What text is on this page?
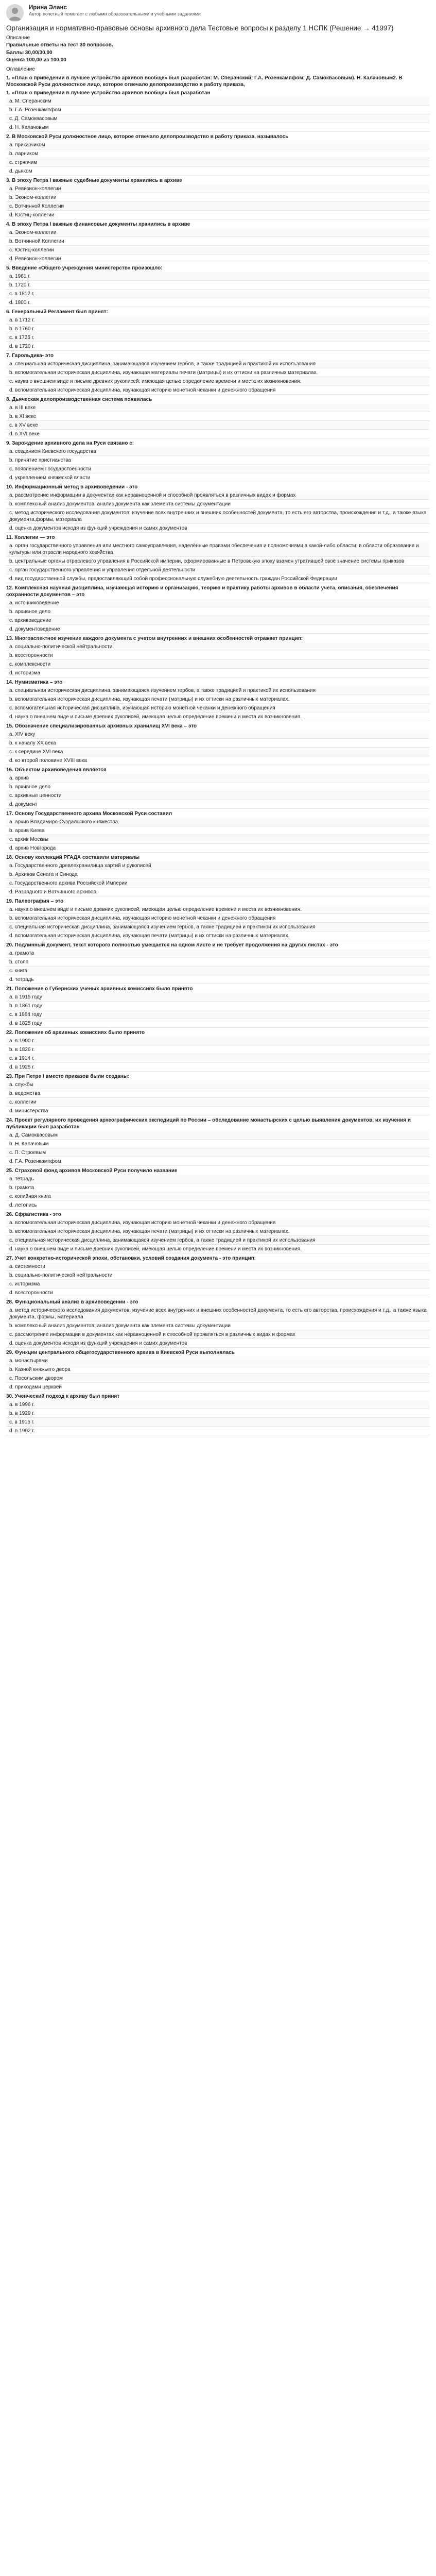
Ирина Эланс
Автор почетный помогает с любыми образовательными и учебными заданиями
Организация и нормативно-правовые основы архивного дела Тестовые вопросы к разделу 1 НСПК (Решение → 41997)
Описание
Правильные ответы на тест 30 вопросов.
Баллы 30,00/30,00
Оценка 100,00 из 100,00
Оглавление
1. «План о приведении в лучшее устройство архивов вообще» был разработан: М. Сперанский; Г.А. Розенкампфом; Д. Самоквасовым). Н. Калачовым2. В Московской Руси должностное лицо, которое отвечало делопроизводство в работу приказа,
1. «План о приведении в лучшее устройство архивов вообще» был разработан
a. М. Сперанским
b. Г.А. Розенкампфом
c. Д. Самоквасовым
d. Н. Калачовым
2. В Московской Руси должностное лицо, которое отвечало делопроизводство в работу приказа, называлось
a. приказчиком
b. ларником
c. стряпчим
d. дьяком
3. В эпоху Петра I важные судебные документы хранились в архиве
a. Ревизион-коллегии
b. Эконом-коллегии
c. Вотчинной Коллегии
d. Юстиц-коллегии
4. В эпоху Петра I важные финансовые документы хранились в архиве
a. Эконом-коллегии
b. Вотчинной Коллегии
c. Юстиц-коллегии
d. Ревизион-коллегии
5. Введение «Общего учреждения министерств» произошло:
a. 1961 г.
b. 1720 г.
c. в 1812 г.
d. 1800 г.
6. Генеральный Регламент был принят:
a. в 1712 г.
b. в 1760 г.
c. в 1725 г.
d. в 1720 г.
7. Гарольдика- это
a. специальная историческая дисциплина, занимающаяся изучением гербов, а также традицией и практикой их использования
b. вспомогательная историческая дисциплина, изучающая материалы печати (матрицы) и их оттиски на различных материалах.
c. наука о внешнем виде и письме древних рукописей, имеющая целью определение времени и места их возникновения.
d. вспомогательная историческая дисциплина, изучающая историю монетной чеканки и денежного обращения
8. Дьяческая делопроизводственная система появилась
a. в III веке
b. в XI веке
c. в XV веке
d. в XVI веке
9. Зарождение архивного дела на Руси связано с:
a. созданием Киевского государства
b. принятие христианства
c. появлением Государственности
d. укреплением княжеской власти
10. Информационный метод в архивоведении - это
a. рассмотрение информации в документах как неравноценной и способной проявляться в различных видах и формах
b. комплексный анализ документов; анализ документа как элемента системы документации
c. метод исторического исследования документов: изучение всех внутренних и внешних особенностей документа, то есть его авторства, происхождения и т.д., а также языка документа,формы, материала
d. оценка документов исходя из функций учреждения и самих документов
11. Коллегии — это
a. орган государственного управления или местного самоуправления, наделённые правами обеспечения и полномочиями в какой-либо области: в области образования и культуры или отрасли народного хозяйства
b. центральные органы отраслевого управления в Российской империи, сформированные в Петровскую эпоху взамен утратившей своё значение системы приказов
c. орган государственного управления и управления отдельной деятельности
d. вид государственной службы, предоставляющий собой профессиональную служебную деятельность граждан Российской Федерации
12. Комплексная научная дисциплина, изучающая историю и организацию, теорию и практику работы архивов в области учета, описания, обеспечения сохранности документов – это
a. источниковедение
b. архивное дело
c. архивоведение
d. документоведение
13. Многоаспектное изучение каждого документа с учетом внутренних и внешних особенностей отражает принцип:
a. социально-политической нейтральности
b. всесторонности
c. комплексности
d. историзма
14. Нумизматика – это
a. специальная историческая дисциплина, занимающаяся изучением гербов, а также традицией и практикой их использования
b. вспомогательная историческая дисциплина, изучающая печати (матрицы) и их оттиски на различных материалах.
c. вспомогательная историческая дисциплина, изучающая историю монетной чеканки и денежного обращения
d. наука о внешнем виде и письме древних рукописей, имеющая целью определение времени и места их возникновения.
15. Обозначение специализированных архивных хранилищ XVI века – это
a. XIV веку
b. к началу XX века
c. к середине XVI века
d. ко второй половине XVIII века
16. Объектом архивоведения является
a. архив
b. архивное дело
c. архивные ценности
d. документ
17. Основу Государственного архива Московской Руси составил
a. архив Владимиро-Суздальского княжества
b. архив Киева
c. архив Москвы
d. архив Новгорода
18. Основу коллекций РГАДА составили материалы
a. Государственного древлехранилища хартий и рукописей
b. Архивов Сената и Синода
c. Государственного архива Российской Империи
d. Разрядного и Вотчинного архивов
19. Палеография – это
a. наука о внешнем виде и письме древних рукописей, имеющая целью определение времени и места их возникновения.
b. вспомогательная историческая дисциплина, изучающая историю монетной чеканки и денежного обращения
c. специальная историческая дисциплина, занимающаяся изучением гербов, а также традицией и практикой их использования
d. вспомогательная историческая дисциплина, изучающая печати (матрицы) и их оттиски на различных материалах.
20. Подлинный документ, текст которого полностью умещается на одном листе и не требует продолжения на других листах - это
a. грамота
b. столп
c. книга
d. тетрадь
21. Положение о Губернских ученых архивных комиссиях было принято
a. в 1915 году
b. в 1861 году
c. в 1884 году
d. в 1825 году
22. Положение об архивных комиссиях было принято
a. в 1900 г.
b. в 1826 г.
c. в 1914 г.
d. в 1925 г.
23. При Петре I вместо приказов были созданы:
a. службы
b. ведомства
c. коллегии
d. министерства
24. Проект регулярного проведения археографических экспедиций по России – обследование монастырских с целью выявления документов, их изучения и публикации был разработан
a. Д. Самоквасовым
b. Н. Калачовым
c. П. Строевым
d. Г.А. Розенкампфом
25. Страховой фонд архивов Московской Руси получило название
a. тетрадь
b. грамота
c. копийная книга
d. летопись
26. Сфрагистика - это
a. вспомогательная историческая дисциплина, изучающая историю монетной чеканки и денежного обращения
b. вспомогательная историческая дисциплина, изучающая печати (матрицы) и их оттиски на различных материалах.
c. специальная историческая дисциплина, занимающаяся изучением гербов, а также традицией и практикой их использования
d. наука о внешнем виде и письме древних рукописей, имеющая целью определение времени и места их возникновения.
27. Учет конкретно-исторической эпохи, обстановки, условий создания документа - это принцип:
a. системности
b. социально-политической нейтральности
c. историзма
d. всесторонности
28. Функциональный анализ в архивоведении - это
a. метод исторического исследования документов: изучение всех внутренних и внешних особенностей документа, то есть его авторства, происхождения и т.д., а также языка документа, формы, материала
b. комплексный анализ документов; анализ документа как элемента системы документации
c. рассмотрение информации в документах как неравноценной и способной проявляться в различных видах и формах
d. оценка документов исходя из функций учреждения и самих документов
29. Функции центрального общегосударственного архива в Киевской Руси выполнялась
a. монастырями
b. Казной княжьего двора
c. Посольским двором
d. приходами церквей
30. Ученческий подход к архиву был принят
a. в 1996 г.
b. в 1929 г.
c. в 1915 г.
d. в 1992 г.
